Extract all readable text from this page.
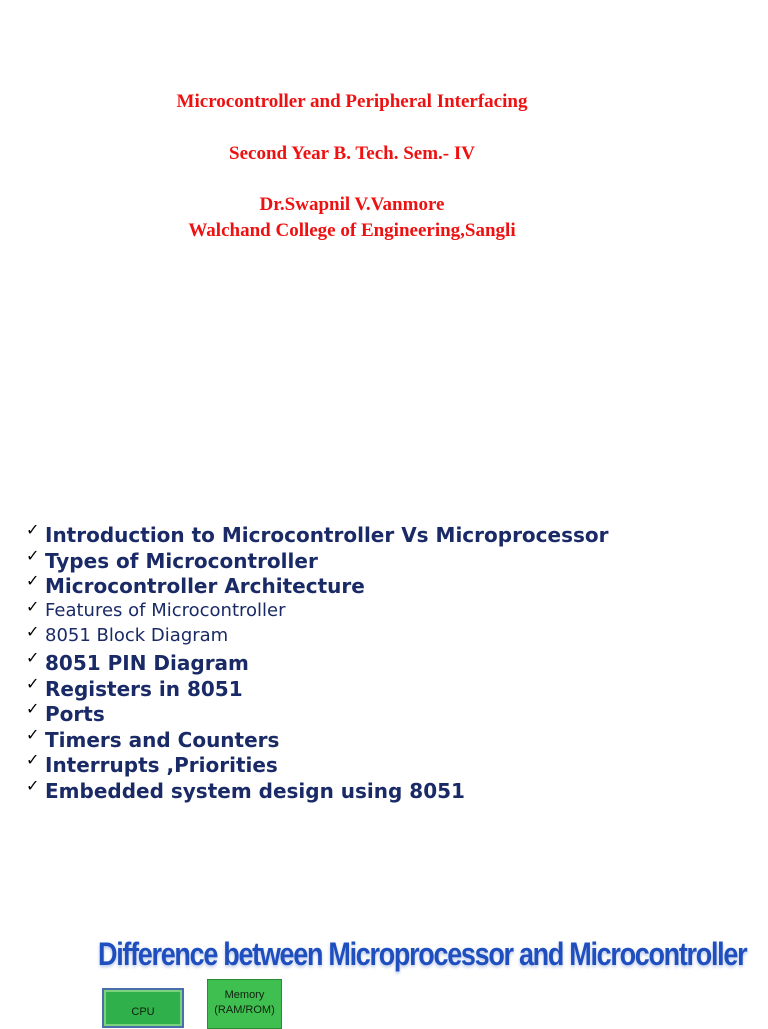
Microcontroller and Peripheral Interfacing
Second Year B. Tech. Sem.- IV
Dr.Swapnil V.Vanmore
Walchand College of Engineering,Sangli
✓ Introduction to Microcontroller Vs Microprocessor
✓ Types of Microcontroller
✓ Microcontroller Architecture
✓ Features of Microcontroller
✓ 8051 Block Diagram
✓ 8051 PIN Diagram
✓ Registers in 8051
✓ Ports
✓ Timers and Counters
✓ Interrupts ,Priorities
✓ Embedded system design using 8051
Difference between Microprocessor and Microcontroller
CPU
Memory
(RAM/ROM)
